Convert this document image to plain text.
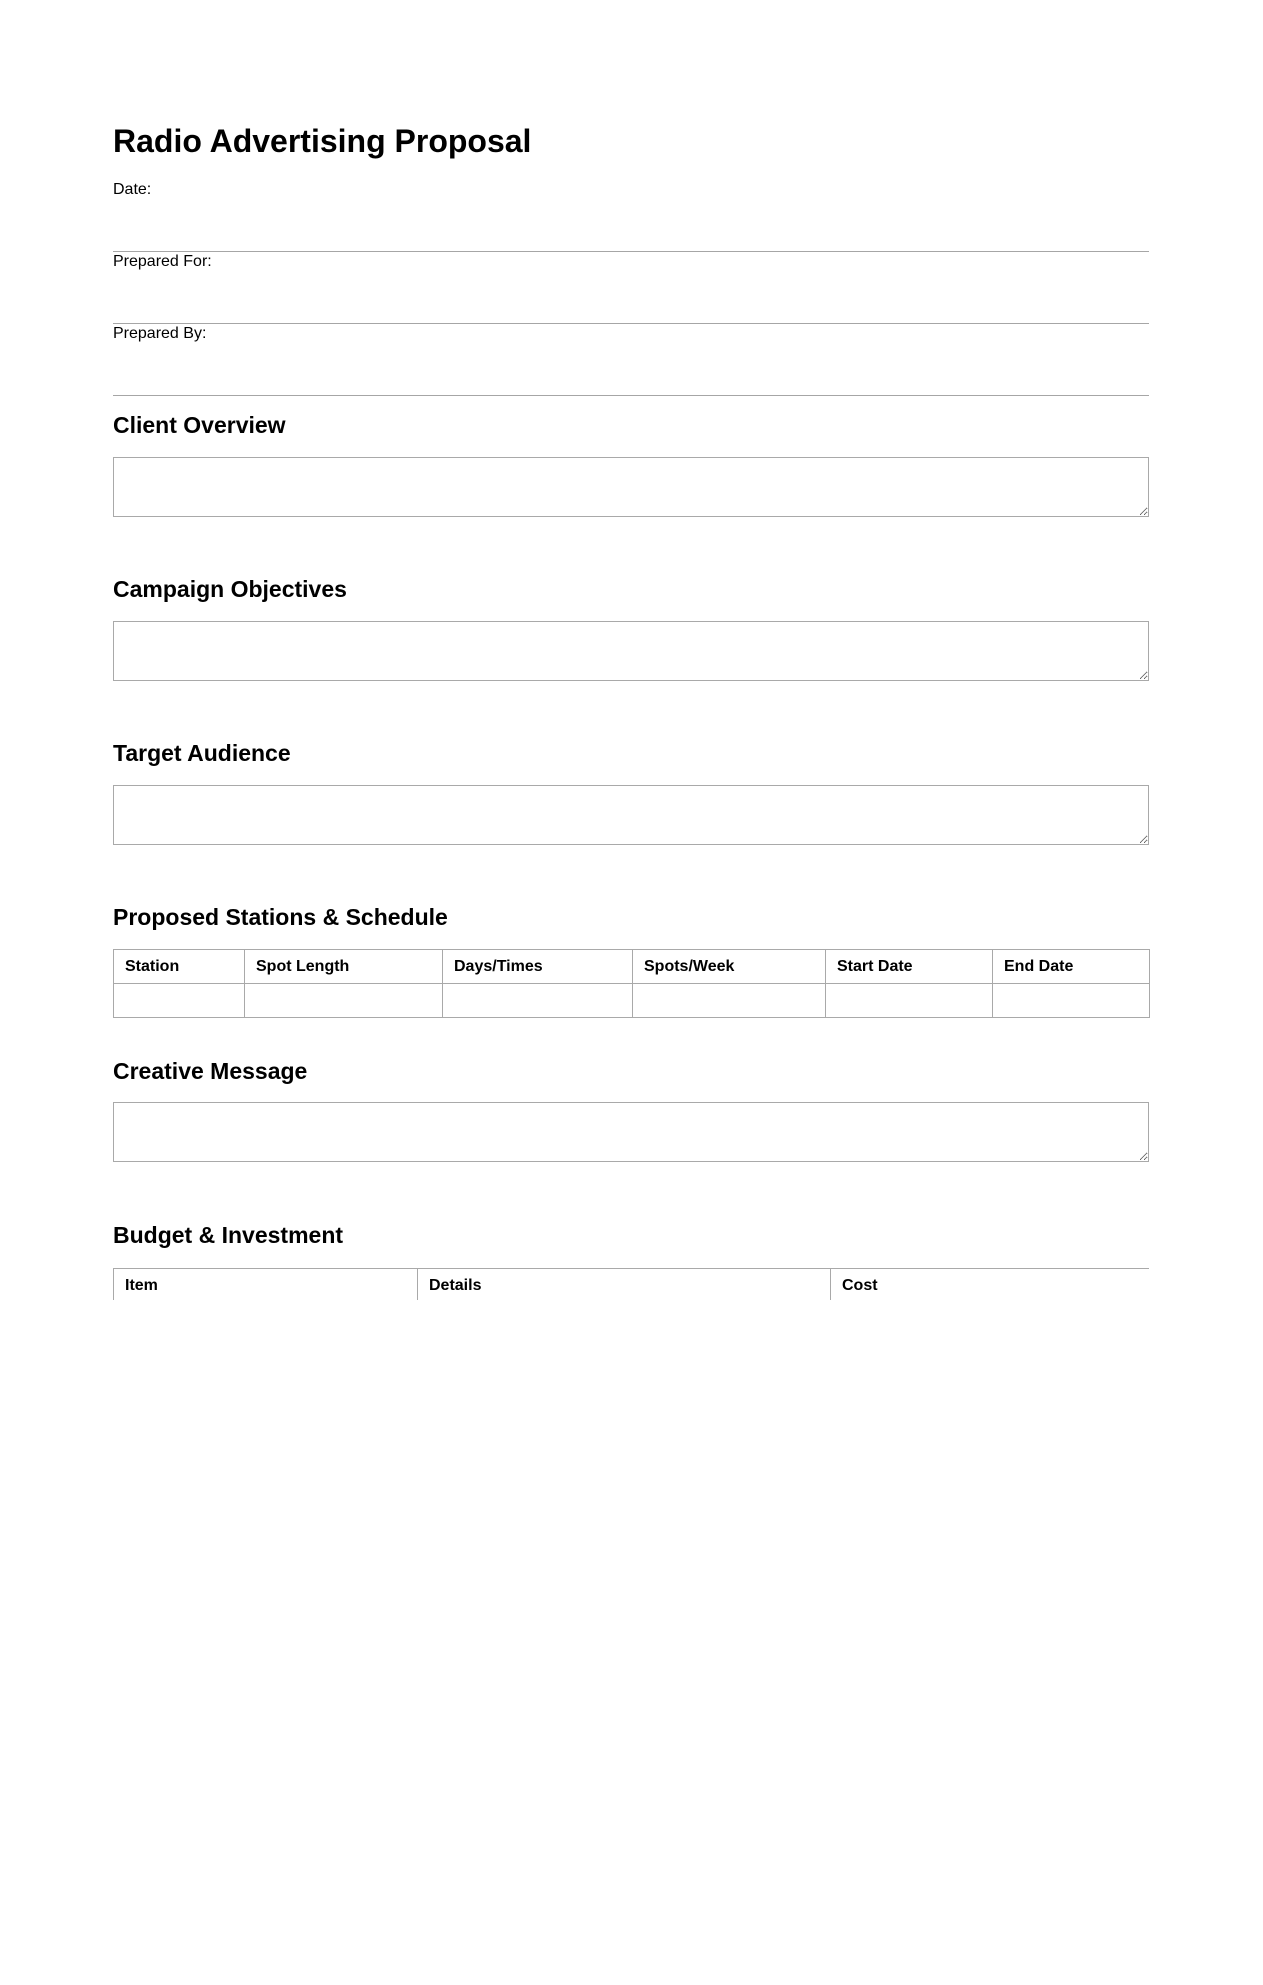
Radio Advertising Proposal
Date:
Prepared For:
Prepared By:
Client Overview
Campaign Objectives
Target Audience
Proposed Stations & Schedule
Station	Spot Length	Days/Times	Spots/Week	Start Date	End Date

Creative Message
Budget & Investment
Item	Details	Cost
